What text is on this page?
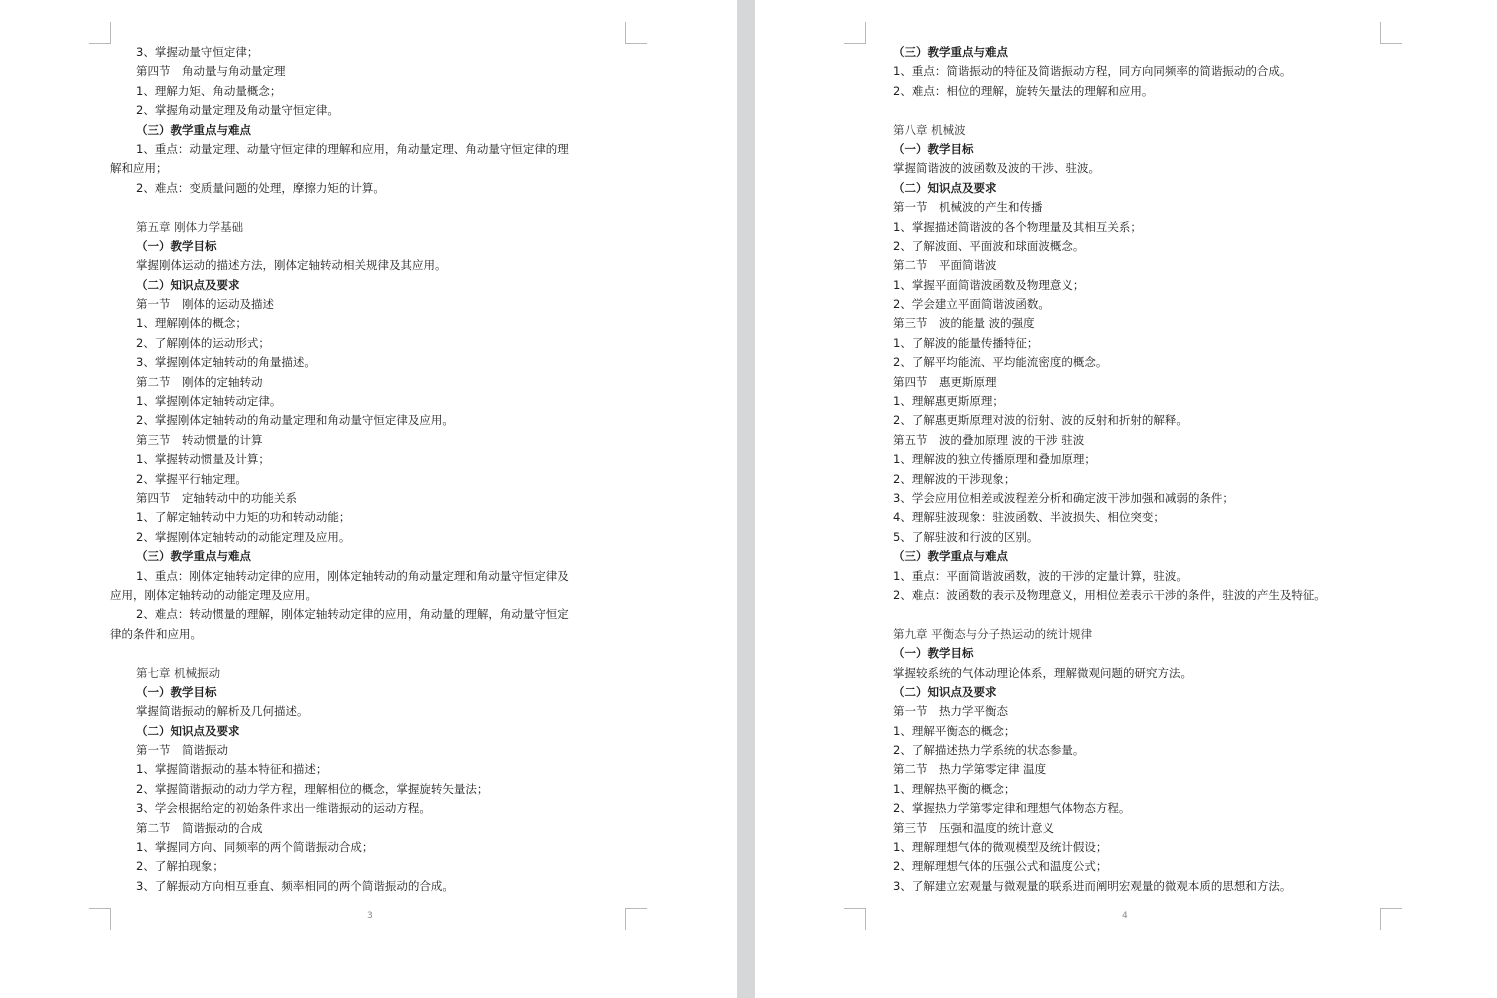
3、掌握动量守恒定律；
第四节　角动量与角动量定理
1、理解力矩、角动量概念；
2、掌握角动量定理及角动量守恒定律。
（三）教学重点与难点
1、重点：动量定理、动量守恒定律的理解和应用，角动量定理、角动量守恒定律的理
解和应用；
2、难点：变质量问题的处理，摩擦力矩的计算。
第五章 刚体力学基础
（一）教学目标
掌握刚体运动的描述方法，刚体定轴转动相关规律及其应用。
（二）知识点及要求
第一节　刚体的运动及描述
1、理解刚体的概念；
2、了解刚体的运动形式；
3、掌握刚体定轴转动的角量描述。
第二节　刚体的定轴转动
1、掌握刚体定轴转动定律。
2、掌握刚体定轴转动的角动量定理和角动量守恒定律及应用。
第三节　转动惯量的计算
1、掌握转动惯量及计算；
2、掌握平行轴定理。
第四节　定轴转动中的功能关系
1、了解定轴转动中力矩的功和转动动能；
2、掌握刚体定轴转动的动能定理及应用。
（三）教学重点与难点
1、重点：刚体定轴转动定律的应用，刚体定轴转动的角动量定理和角动量守恒定律及
应用，刚体定轴转动的动能定理及应用。
2、难点：转动惯量的理解，刚体定轴转动定律的应用，角动量的理解，角动量守恒定
律的条件和应用。
第七章 机械振动
（一）教学目标
掌握简谐振动的解析及几何描述。
（二）知识点及要求
第一节　简谐振动
1、掌握简谐振动的基本特征和描述；
2、掌握简谐振动的动力学方程，理解相位的概念，掌握旋转矢量法；
3、学会根据给定的初始条件求出一维谐振动的运动方程。
第二节　简谐振动的合成
1、掌握同方向、同频率的两个简谐振动合成；
2、了解拍现象；
3、了解振动方向相互垂直、频率相同的两个简谐振动的合成。
3
（三）教学重点与难点
1、重点：简谐振动的特征及简谐振动方程，同方向同频率的简谐振动的合成。
2、难点：相位的理解，旋转矢量法的理解和应用。
第八章 机械波
（一）教学目标
掌握简谐波的波函数及波的干涉、驻波。
（二）知识点及要求
第一节　机械波的产生和传播
1、掌握描述简谐波的各个物理量及其相互关系；
2、了解波面、平面波和球面波概念。
第二节　平面简谐波
1、掌握平面简谐波函数及物理意义；
2、学会建立平面简谐波函数。
第三节　波的能量 波的强度
1、了解波的能量传播特征；
2、了解平均能流、平均能流密度的概念。
第四节　惠更斯原理
1、理解惠更斯原理；
2、了解惠更斯原理对波的衍射、波的反射和折射的解释。
第五节　波的叠加原理 波的干涉 驻波
1、理解波的独立传播原理和叠加原理；
2、理解波的干涉现象；
3、学会应用位相差或波程差分析和确定波干涉加强和减弱的条件；
4、理解驻波现象：驻波函数、半波损失、相位突变；
5、了解驻波和行波的区别。
（三）教学重点与难点
1、重点：平面简谐波函数，波的干涉的定量计算，驻波。
2、难点：波函数的表示及物理意义，用相位差表示干涉的条件，驻波的产生及特征。
第九章 平衡态与分子热运动的统计规律
（一）教学目标
掌握较系统的气体动理论体系，理解微观问题的研究方法。
（二）知识点及要求
第一节　热力学平衡态
1、理解平衡态的概念；
2、了解描述热力学系统的状态参量。
第二节　热力学第零定律 温度
1、理解热平衡的概念；
2、掌握热力学第零定律和理想气体物态方程。
第三节　压强和温度的统计意义
1、理解理想气体的微观模型及统计假设；
2、理解理想气体的压强公式和温度公式；
3、了解建立宏观量与微观量的联系进而阐明宏观量的微观本质的思想和方法。
4
